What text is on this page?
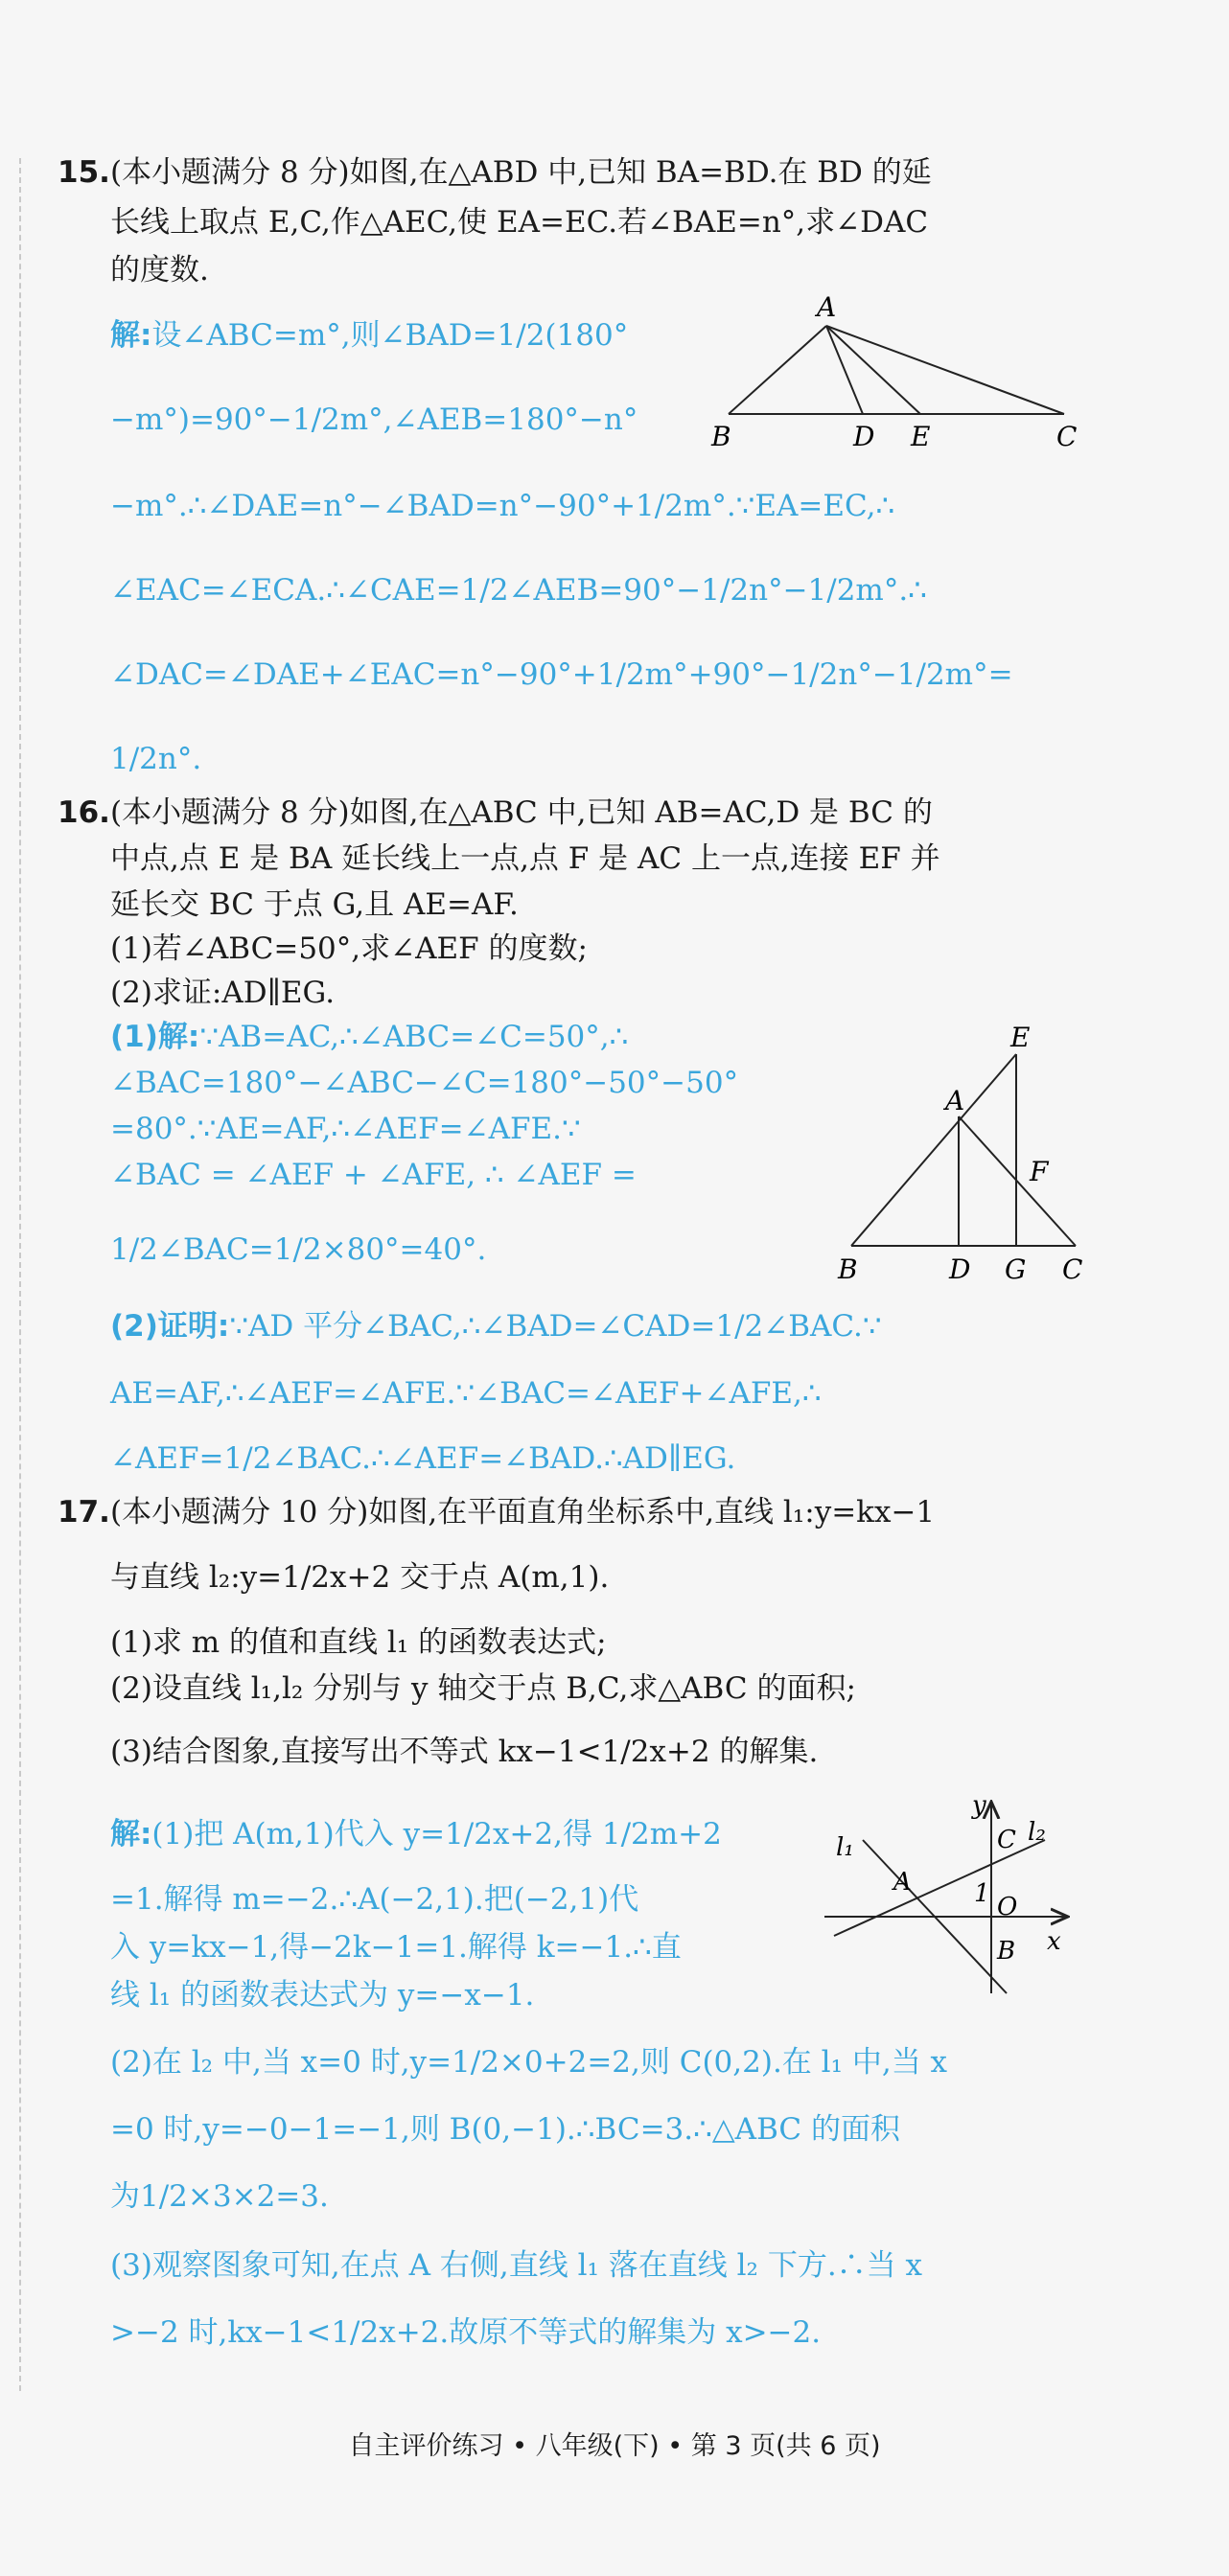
15. (本小题满分 8 分)如图,在△ABD 中,已知 BA=BD.在 BD 的延
长线上取点 E,C,作△AEC,使 EA=EC.若∠BAE=n°,求∠DAC
的度数.
解:设∠ABC=m°,则∠BAD=1/2(180°
−m°)=90°−1/2m°,∠AEB=180°−n°
−m°.∴∠DAE=n°−∠BAD=n°−90°+1/2m°.∵EA=EC,∴
∠EAC=∠ECA.∴∠CAE=1/2∠AEB=90°−1/2n°−1/2m°.∴
∠DAC=∠DAE+∠EAC=n°−90°+1/2m°+90°−1/2n°−1/2m°=
1/2n°.
A
B	D E	C
16. (本小题满分 8 分)如图,在△ABC 中,已知 AB=AC,D 是 BC 的
中点,点 E 是 BA 延长线上一点,点 F 是 AC 上一点,连接 EF 并
延长交 BC 于点 G,且 AE=AF.
(1)若∠ABC=50°,求∠AEF 的度数;
(2)求证:AD∥EG.
(1)解:∵AB=AC,∴∠ABC=∠C=50°,∴
∠BAC=180°−∠ABC−∠C=180°−50°−50°
=80°.∵AE=AF,∴∠AEF=∠AFE.∵
∠BAC = ∠AEF + ∠AFE, ∴ ∠AEF =
1/2∠BAC=1/2×80°=40°.
(2)证明:∵AD 平分∠BAC,∴∠BAD=∠CAD=1/2∠BAC.∵
AE=AF,∴∠AEF=∠AFE.∵∠BAC=∠AEF+∠AFE,∴
∠AEF=1/2∠BAC.∴∠AEF=∠BAD.∴AD∥EG.
E
A
F
B	D G C
17. (本小题满分 10 分)如图,在平面直角坐标系中,直线 l₁:y=kx−1
与直线 l₂:y=1/2x+2 交于点 A(m,1).
(1)求 m 的值和直线 l₁ 的函数表达式;
(2)设直线 l₁,l₂ 分别与 y 轴交于点 B,C,求△ABC 的面积;
(3)结合图象,直接写出不等式 kx−1<1/2x+2 的解集.
解:(1)把 A(m,1)代入 y=1/2x+2,得 1/2m+2
=1.解得 m=−2.∴A(−2,1).把(−2,1)代
入 y=kx−1,得−2k−1=1.解得 k=−1.∴直
线 l₁ 的函数表达式为 y=−x−1.
(2)在 l₂ 中,当 x=0 时,y=1/2×0+2=2,则 C(0,2).在 l₁ 中,当 x
=0 时,y=−0−1=−1,则 B(0,−1).∴BC=3.∴△ABC 的面积
为1/2×3×2=3.
(3)观察图象可知,在点 A 右侧,直线 l₁ 落在直线 l₂ 下方.∴当 x
>−2 时,kx−1<1/2x+2.故原不等式的解集为 x>−2.
y
x
l₁
l₂
A
C
O
B
1
自主评价练习 • 八年级(下) • 第 3 页(共 6 页)
